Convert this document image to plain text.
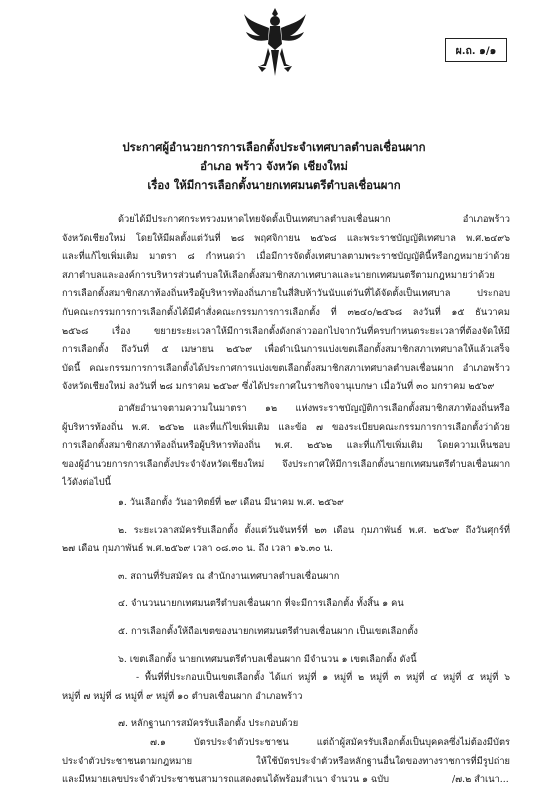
ผ.ถ. ๑/๑
ประกาศผู้อำนวยการการเลือกตั้งประจำเทศบาลตำบลเชื่อนผาก
อำเภอ พร้าว จังหวัด เชียงใหม่
เรื่อง ให้มีการเลือกตั้งนายกเทศมนตรีตำบลเชื่อนผาก
ด้วยได้มีประกาศกระทรวงมหาดไทยจัดตั้งเป็นเทศบาลตำบลเชื่อนผาก อำเภอพร้าว
จังหวัดเชียงใหม่ โดยให้มีผลตั้งแต่วันที่ ๒๘ พฤศจิกายน ๒๕๖๘ และพระราชบัญญัติเทศบาล พ.ศ.๒๔๙๖
และที่แก้ไขเพิ่มเติม มาตรา ๘ กำหนดว่า เมื่อมีการจัดตั้งเทศบาลตามพระราชบัญญัตินี้หรือกฎหมายว่าด้วย
สภาตำบลและองค์การบริหารส่วนตำบลให้เลือกตั้งสมาชิกสภาเทศบาลและนายกเทศมนตรีตามกฎหมายว่าด้วย
การเลือกตั้งสมาชิกสภาท้องถิ่นหรือผู้บริหารท้องถิ่นภายในสี่สิบห้าวันนับแต่วันที่ได้จัดตั้งเป็นเทศบาล ประกอบ
กับคณะกรรมการการเลือกตั้งได้มีคำสั่งคณะกรรมการการเลือกตั้ง ที่ ๓๒๔๐/๒๕๖๘ ลงวันที่ ๑๕ ธันวาคม
๒๕๖๘ เรื่อง ขยายระยะเวลาให้มีการเลือกตั้งดังกล่าวออกไปจากวันที่ครบกำหนดระยะเวลาที่ต้องจัดให้มี
การเลือกตั้ง ถึงวันที่ ๕ เมษายน ๒๕๖๙ เพื่อดำเนินการแบ่งเขตเลือกตั้งสมาชิกสภาเทศบาลให้แล้วเสร็จ
บัดนี้ คณะกรรมการการเลือกตั้งได้ประกาศการแบ่งเขตเลือกตั้งสมาชิกสภาเทศบาลตำบลเชื่อนผาก อำเภอพร้าว
จังหวัดเชียงใหม่ ลงวันที่ ๒๘ มกราคม ๒๕๖๙ ซึ่งได้ประกาศในราชกิจจานุเบกษา เมื่อวันที่ ๓๐ มกราคม ๒๕๖๙
อาศัยอำนาจตามความในมาตรา ๑๒ แห่งพระราชบัญญัติการเลือกตั้งสมาชิกสภาท้องถิ่นหรือ
ผู้บริหารท้องถิ่น พ.ศ. ๒๕๖๒ และที่แก้ไขเพิ่มเติม และข้อ ๗ ของระเบียบคณะกรรมการการเลือกตั้งว่าด้วย
การเลือกตั้งสมาชิกสภาท้องถิ่นหรือผู้บริหารท้องถิ่น พ.ศ. ๒๕๖๒ และที่แก้ไขเพิ่มเติม โดยความเห็นชอบ
ของผู้อำนวยการการเลือกตั้งประจำจังหวัดเชียงใหม่ จึงประกาศให้มีการเลือกตั้งนายกเทศมนตรีตำบลเชื่อนผาก
ไว้ดังต่อไปนี้
๑. วันเลือกตั้ง วันอาทิตย์ที่ ๒๙ เดือน มีนาคม พ.ศ. ๒๕๖๙
๒. ระยะเวลาสมัครรับเลือกตั้ง ตั้งแต่วันจันทร์ที่ ๒๓ เดือน กุมภาพันธ์ พ.ศ. ๒๕๖๙ ถึงวันศุกร์ที่
๒๗ เดือน กุมภาพันธ์ พ.ศ.๒๕๖๙ เวลา ๐๘.๓๐ น. ถึง เวลา ๑๖.๓๐ น.
๓. สถานที่รับสมัคร ณ สำนักงานเทศบาลตำบลเชื่อนผาก
๔. จำนวนนายกเทศมนตรีตำบลเชื่อนผาก ที่จะมีการเลือกตั้ง ทั้งสิ้น ๑ คน
๕. การเลือกตั้งให้ถือเขตของนายกเทศมนตรีตำบลเชื่อนผาก เป็นเขตเลือกตั้ง
๖. เขตเลือกตั้ง นายกเทศมนตรีตำบลเชื่อนผาก มีจำนวน ๑ เขตเลือกตั้ง ดังนี้
- พื้นที่ที่ประกอบเป็นเขตเลือกตั้ง ได้แก่ หมู่ที่ ๑ หมู่ที่ ๒ หมู่ที่ ๓ หมู่ที่ ๔ หมู่ที่ ๕ หมู่ที่ ๖
หมู่ที่ ๗ หมู่ที่ ๘ หมู่ที่ ๙ หมู่ที่ ๑๐ ตำบลเชื่อนผาก อำเภอพร้าว
๗. หลักฐานการสมัครรับเลือกตั้ง ประกอบด้วย
๗.๑ บัตรประจำตัวประชาชน แต่ถ้าผู้สมัครรับเลือกตั้งเป็นบุคคลซึ่งไม่ต้องมีบัตร
ประจำตัวประชาชนตามกฎหมาย ให้ใช้บัตรประจำตัวหรือหลักฐานอื่นใดของทางราชการที่มีรูปถ่าย
และมีหมายเลขประจำตัวประชาชนสามารถแสดงตนได้พร้อมสำเนา จำนวน ๑ ฉบับ	/๗.๒ สำเนา...
